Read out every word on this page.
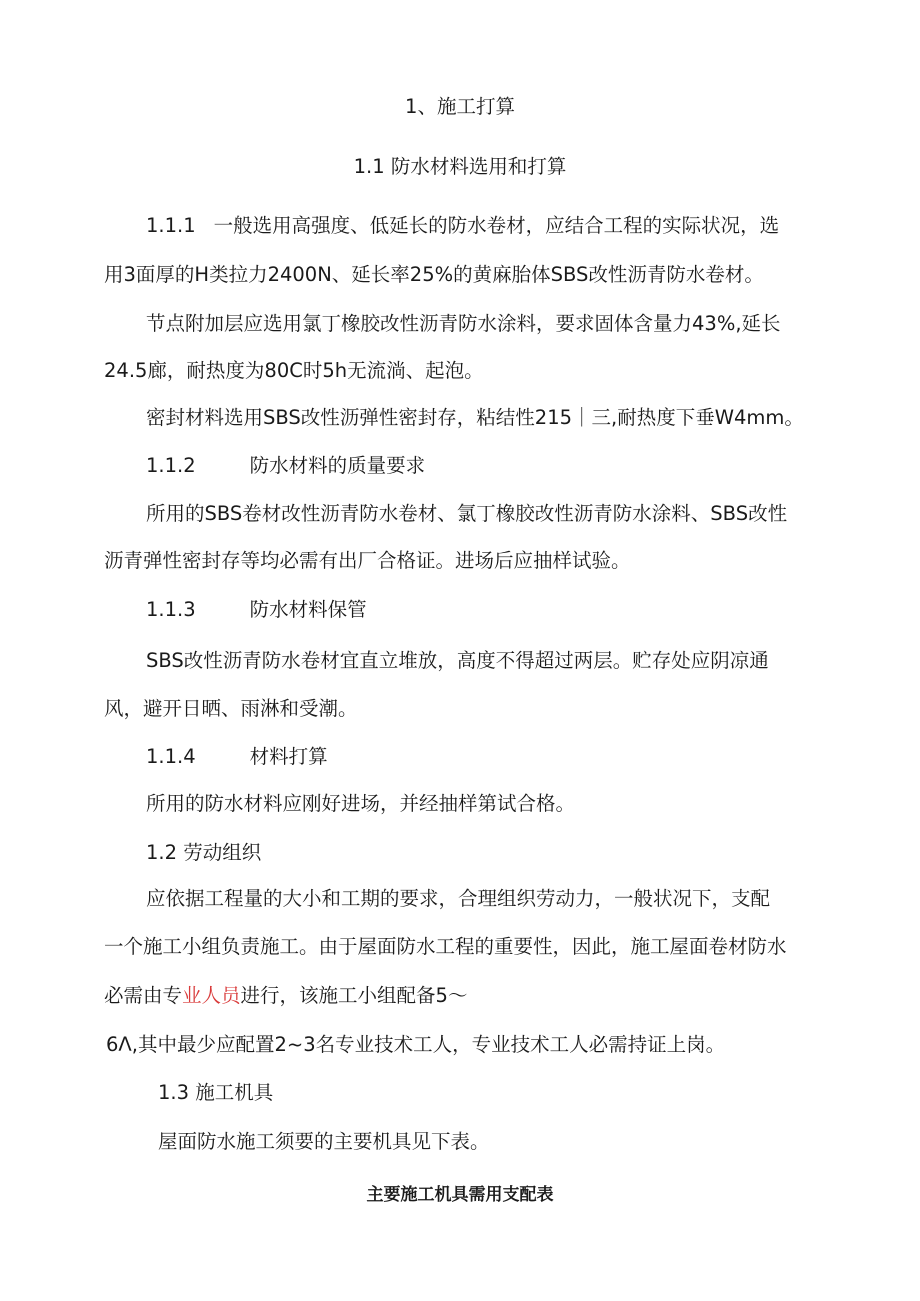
1、施工打算
1.1 防水材料选用和打算
1.1.1 一般选用高强度、低延长的防水卷材，应结合工程的实际状况，选
用3面厚的H类拉力2400N、延长率25%的黄麻胎体SBS改性沥青防水卷材。
节点附加层应选用氯丁橡胶改性沥青防水涂料，要求固体含量力43%,延长
24.5廊，耐热度为80C时5h无流淌、起泡。
密封材料选用SBS改性沥弹性密封存，粘结性215｜三,耐热度下垂W4mm。
1.1.2	防水材料的质量要求
所用的SBS卷材改性沥青防水卷材、氯丁橡胶改性沥青防水涂料、SBS改性
沥青弹性密封存等均必需有出厂合格证。进场后应抽样试验。
1.1.3	防水材料保管
SBS改性沥青防水卷材宜直立堆放，高度不得超过两层。贮存处应阴凉通
风，避开日晒、雨淋和受潮。
1.1.4	材料打算
所用的防水材料应刚好进场，并经抽样第试合格。
1.2 劳动组织
应依据工程量的大小和工期的要求，合理组织劳动力，一般状况下，支配
一个施工小组负责施工。由于屋面防水工程的重要性，因此，施工屋面卷材防水
必需由专业人员进行，该施工小组配备5～
6Λ,其中最少应配置2~3名专业技术工人，专业技术工人必需持证上岗。
1.3 施工机具
屋面防水施工须要的主要机具见下表。
主要施工机具需用支配表
